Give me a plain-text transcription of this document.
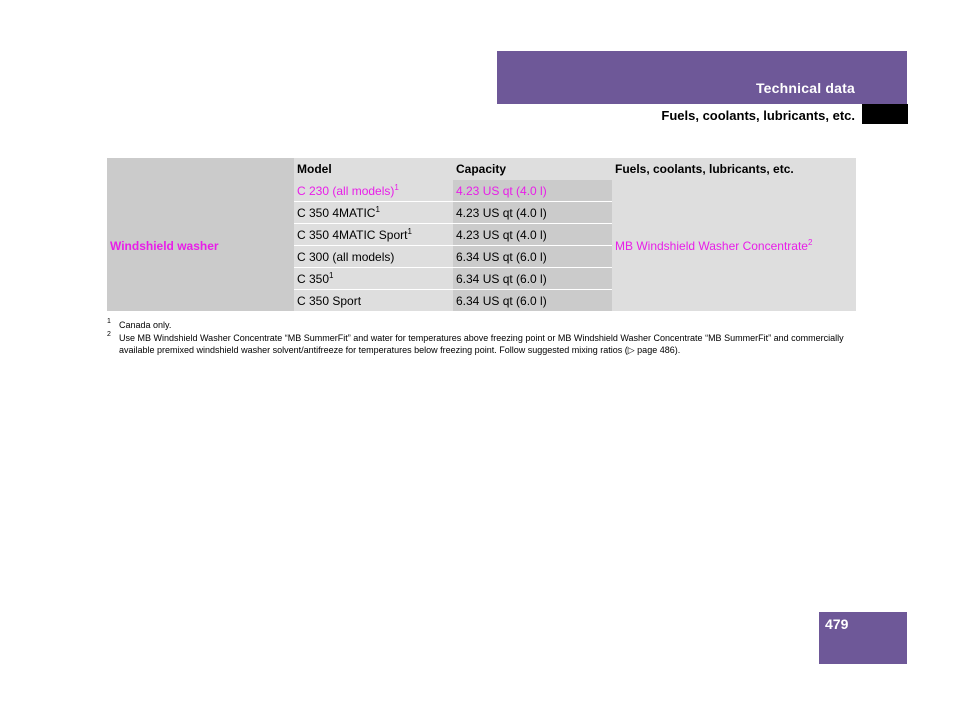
Technical data
Fuels, coolants, lubricants, etc.
	Model	Capacity	Fuels, coolants, lubricants, etc.
Windshield washer	C 230 (all models)$^1$	4.23 US qt (4.0 l)	MB Windshield Washer Concentrate$^2$
	C 350 4MATIC$^1$	4.23 US qt (4.0 l)	
	C 350 4MATIC Sport$^1$	4.23 US qt (4.0 l)	
	C 300 (all models)	6.34 US qt (6.0 l)	
	C $350^1$	6.34 US qt (6.0 l)	
	C 350 Sport	6.34 US qt (6.0 l)	
1 Canada only.
2 Use MB Windshield Washer Concentrate “MB SummerFit” and water for temperatures above freezing point or MB Windshield Washer Concentrate “MB SummerFit” and commercially available premixed windshield washer solvent/antifreeze for temperatures below freezing point. Follow suggested mixing ratios (▷ page 486).
479
